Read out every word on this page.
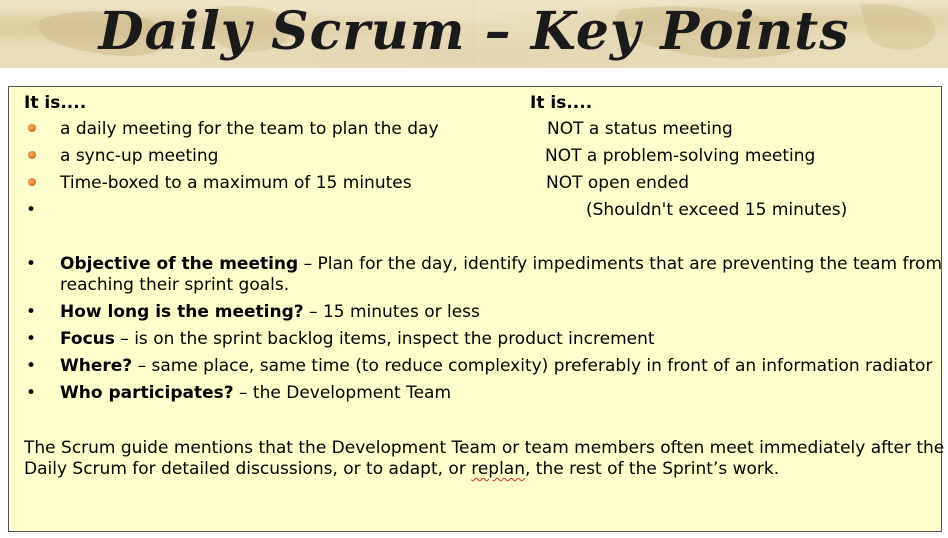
Daily Scrum – Key Points
It is....	It is....
a daily meeting for the team to plan the day
a sync-up meeting
Time-boxed to a maximum of 15 minutes
•
NOT a status meeting
NOT a problem-solving meeting
NOT open ended
(Shouldn't exceed 15 minutes)
• Objective of the meeting – Plan for the day, identify impediments that are preventing the team from
reaching their sprint goals.
• How long is the meeting? – 15 minutes or less
• Focus – is on the sprint backlog items, inspect the product increment
• Where? – same place, same time (to reduce complexity) preferably in front of an information radiator
• Who participates? – the Development Team
The Scrum guide mentions that the Development Team or team members often meet immediately after the
Daily Scrum for detailed discussions, or to adapt, or replan, the rest of the Sprint’s work.
